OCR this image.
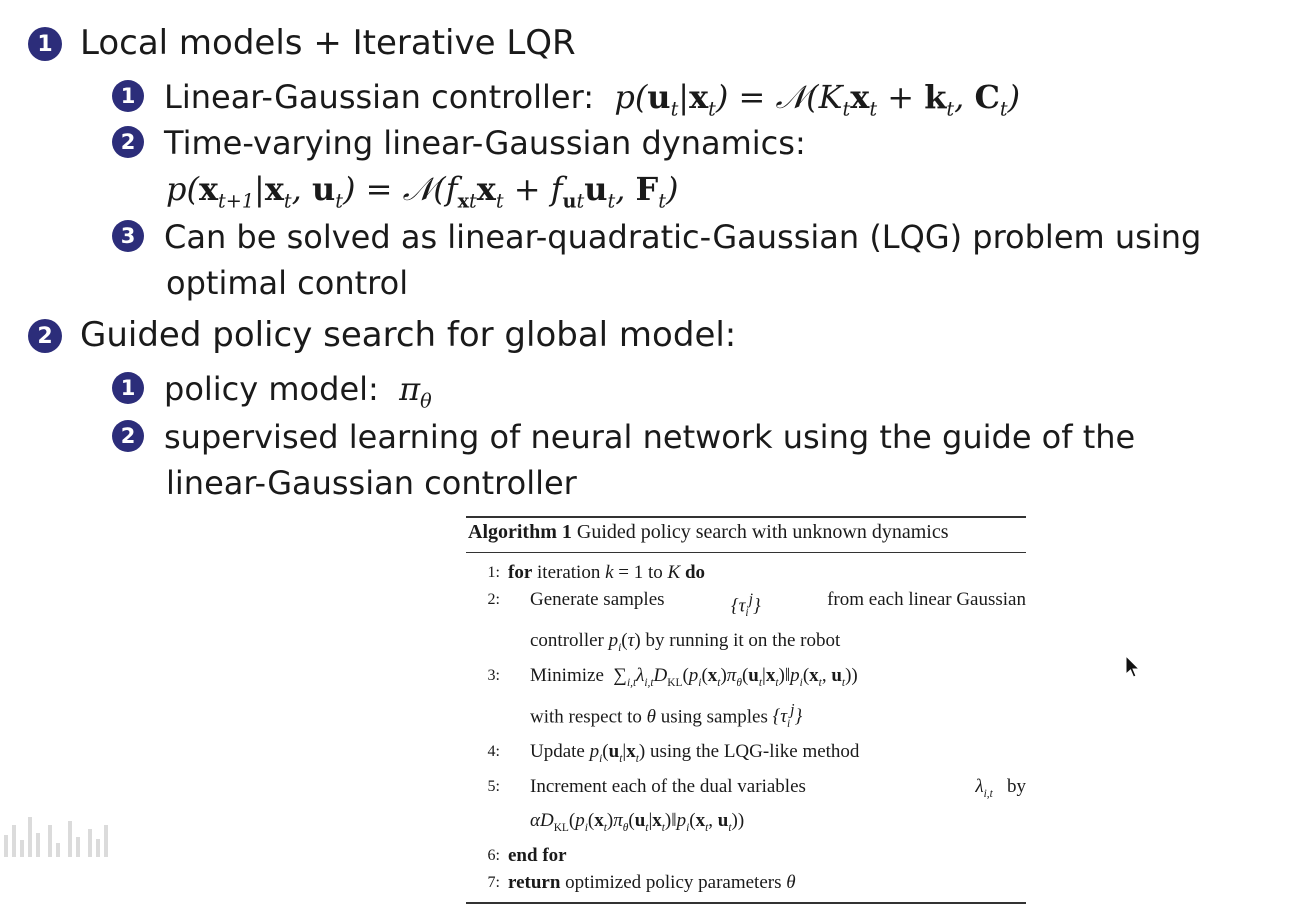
1 Local models + Iterative LQR
1 Linear-Gaussian controller:  $p(u_t|x_t)$ = $𝒩(K_tx_t + k_t$, $C_t$)
2 Time-varying linear-Gaussian dynamics:
$p(x_{t+1}|x_t$, $u_t$) = $𝒩(f_{xt}x_t + f_{ut}u_t$, $F_t$)
3 Can be solved as linear-quadratic-Gaussian (LQG) problem using
optimal control
2 Guided policy search for global model:
1 policy model:  $\pi_\theta$
2 supervised learning of neural network using the guide of the
linear-Gaussian controller
Algorithm 1 Guided policy search with unknown dynamics
1: for iteration k = 1 to K do
2:	Generate samples	$\{\tau_i^j\}$	from each linear Gaussian
controller $p_i(\tau)$ by running it on the robot
3:	Minimize  $\sum_{i,t}\lambda_{i,t}D_{KL}(p_i(x_t)\pi_\theta(u_t|x_t)‖p_i(x_t$, $u_t$))
with respect to θ using samples $\{\tau_i^j\}$
4:	Update $p_i(u_t|x_t)$ using the LQG-like method
5:	Increment each of the dual variables	$\lambda_{i,t}$ by
$\alpha D_{KL}(p_i(x_t)\pi_\theta(u_t|x_t)‖p_i(x_t$, $u_t$))
6: end for
7: return optimized policy parameters θ
